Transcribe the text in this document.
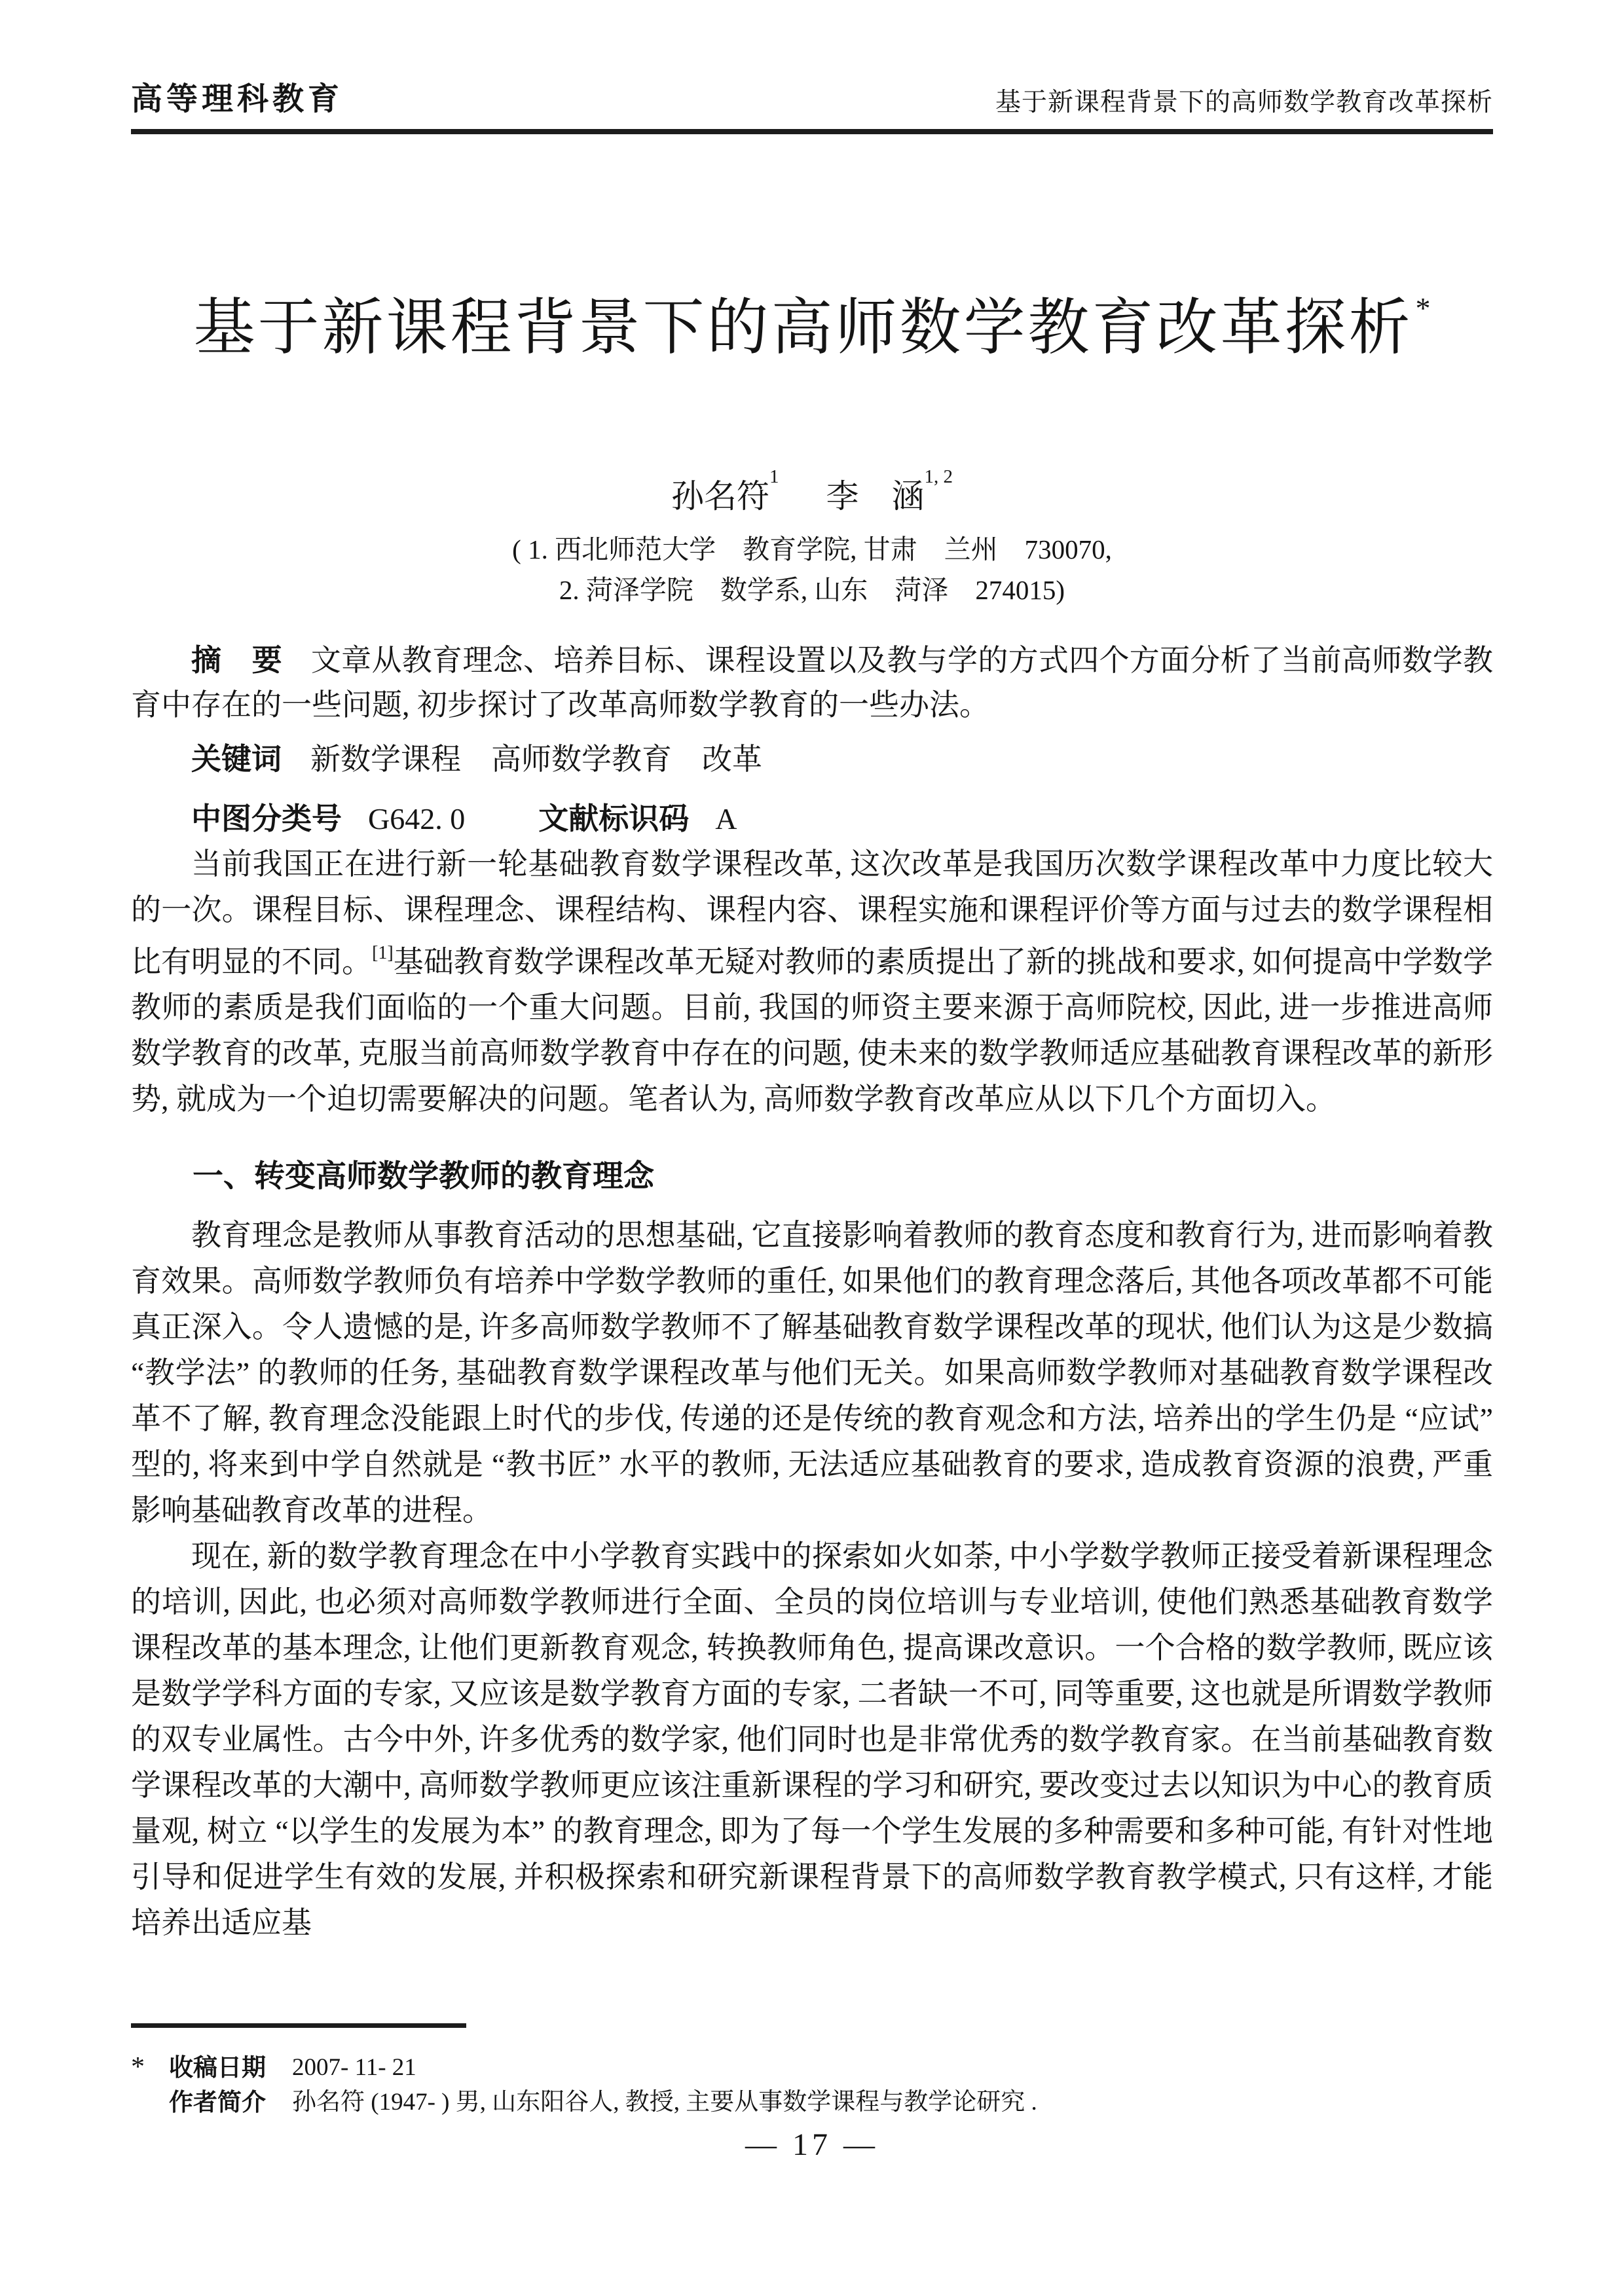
高等理科教育	基于新课程背景下的高师数学教育改革探析
基于新课程背景下的高师数学教育改革探析*
孙名符$^1$李　涵$^{1, 2}$
( 1. 西北师范大学　教育学院, 甘肃　兰州　730070,
2. 菏泽学院　数学系, 山东　菏泽　274015)

摘　要 文章从教育理念、培养目标、课程设置以及教与学的方式四个方面分析了当前高师数学教育中存在的一些问题, 初步探讨了改革高师数学教育的一些办法。

关键词 新数学课程　高师数学教育　改革

中图分类号 G642. 0 文献标识码 A

当前我国正在进行新一轮基础教育数学课程改革, 这次改革是我国历次数学课程改革中力度比较大的一次。课程目标、课程理念、课程结构、课程内容、课程实施和课程评价等方面与过去的数学课程相比有明显的不同。[1]基础教育数学课程改革无疑对教师的素质提出了新的挑战和要求, 如何提高中学数学教师的素质是我们面临的一个重大问题。目前, 我国的师资主要来源于高师院校, 因此, 进一步推进高师数学教育的改革, 克服当前高师数学教育中存在的问题, 使未来的数学教师适应基础教育课程改革的新形势, 就成为一个迫切需要解决的问题。笔者认为, 高师数学教育改革应从以下几个方面切入。

一、转变高师数学教师的教育理念

教育理念是教师从事教育活动的思想基础, 它直接影响着教师的教育态度和教育行为, 进而影响着教育效果。高师数学教师负有培养中学数学教师的重任, 如果他们的教育理念落后, 其他各项改革都不可能真正深入。令人遗憾的是, 许多高师数学教师不了解基础教育数学课程改革的现状, 他们认为这是少数搞 “教学法” 的教师的任务, 基础教育数学课程改革与他们无关。如果高师数学教师对基础教育数学课程改革不了解, 教育理念没能跟上时代的步伐, 传递的还是传统的教育观念和方法, 培养出的学生仍是 “应试” 型的, 将来到中学自然就是 “教书匠” 水平的教师, 无法适应基础教育的要求, 造成教育资源的浪费, 严重影响基础教育改革的进程。

现在, 新的数学教育理念在中小学教育实践中的探索如火如荼, 中小学数学教师正接受着新课程理念的培训, 因此, 也必须对高师数学教师进行全面、全员的岗位培训与专业培训, 使他们熟悉基础教育数学课程改革的基本理念, 让他们更新教育观念, 转换教师角色, 提高课改意识。一个合格的数学教师, 既应该是数学学科方面的专家, 又应该是数学教育方面的专家, 二者缺一不可, 同等重要, 这也就是所谓数学教师的双专业属性。古今中外, 许多优秀的数学家, 他们同时也是非常优秀的数学教育家。在当前基础教育数学课程改革的大潮中, 高师数学教师更应该注重新课程的学习和研究, 要改变过去以知识为中心的教育质量观, 树立 “以学生的发展为本” 的教育理念, 即为了每一个学生发展的多种需要和多种可能, 有针对性地引导和促进学生有效的发展, 并积极探索和研究新课程背景下的高师数学教育教学模式, 只有这样, 才能培养出适应基

*	收稿日期 2007- 11- 21
作者简介 孙名符 (1947- ) 男, 山东阳谷人, 教授, 主要从事数学课程与教学论研究 .
— 17 —
